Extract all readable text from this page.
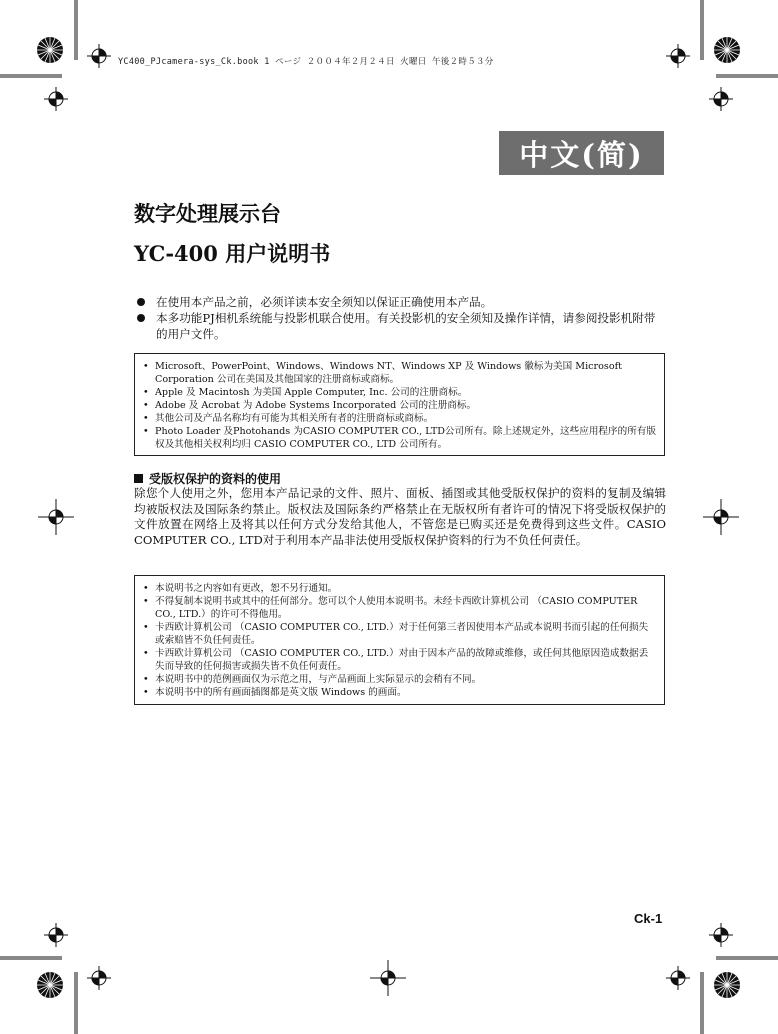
YC400_PJcamera-sys_Ck.book 1 ページ ２００４年２月２４日 火曜日 午後２時５３分
中文(简)
数字处理展示台
YC-400 用户说明书
在使用本产品之前，必须详读本安全须知以保证正确使用本产品。
本多功能PJ相机系统能与投影机联合使用。有关投影机的安全须知及操作详情，请参阅投影机附带的用户文件。
• Microsoft、PowerPoint、Windows、Windows NT、Windows XP 及 Windows 徽标为美国 Microsoft Corporation 公司在美国及其他国家的注册商标或商标。
• Apple 及 Macintosh 为美国 Apple Computer, Inc. 公司的注册商标。
• Adobe 及 Acrobat 为 Adobe Systems Incorporated 公司的注册商标。
• 其他公司及产品名称均有可能为其相关所有者的注册商标或商标。
• Photo Loader 及Photohands 为CASIO COMPUTER CO., LTD公司所有。除上述规定外，这些应用程序的所有版权及其他相关权利均归 CASIO COMPUTER CO., LTD 公司所有。
受版权保护的资料的使用
除您个人使用之外，您用本产品记录的文件、照片、面板、插图或其他受版权保护的资料的复制及编辑均被版权法及国际条约禁止。版权法及国际条约严格禁止在无版权所有者许可的情况下将受版权保护的文件放置在网络上及将其以任何方式分发给其他人，不管您是已购买还是免费得到这些文件。CASIO COMPUTER CO., LTD对于利用本产品非法使用受版权保护资料的行为不负任何责任。
• 本说明书之内容如有更改，恕不另行通知。
• 不得复制本说明书或其中的任何部分。您可以个人使用本说明书。未经卡西欧计算机公司 （CASIO COMPUTER CO., LTD.）的许可不得他用。
• 卡西欧计算机公司 （CASIO COMPUTER CO., LTD.）对于任何第三者因使用本产品或本说明书而引起的任何损失或索赔皆不负任何责任。
• 卡西欧计算机公司 （CASIO COMPUTER CO., LTD.）对由于因本产品的故障或维修，或任何其他原因造成数据丢失而导致的任何损害或损失皆不负任何责任。
• 本说明书中的范例画面仅为示范之用，与产品画面上实际显示的会稍有不同。
• 本说明书中的所有画面插图都是英文版 Windows 的画面。
Ck-1
